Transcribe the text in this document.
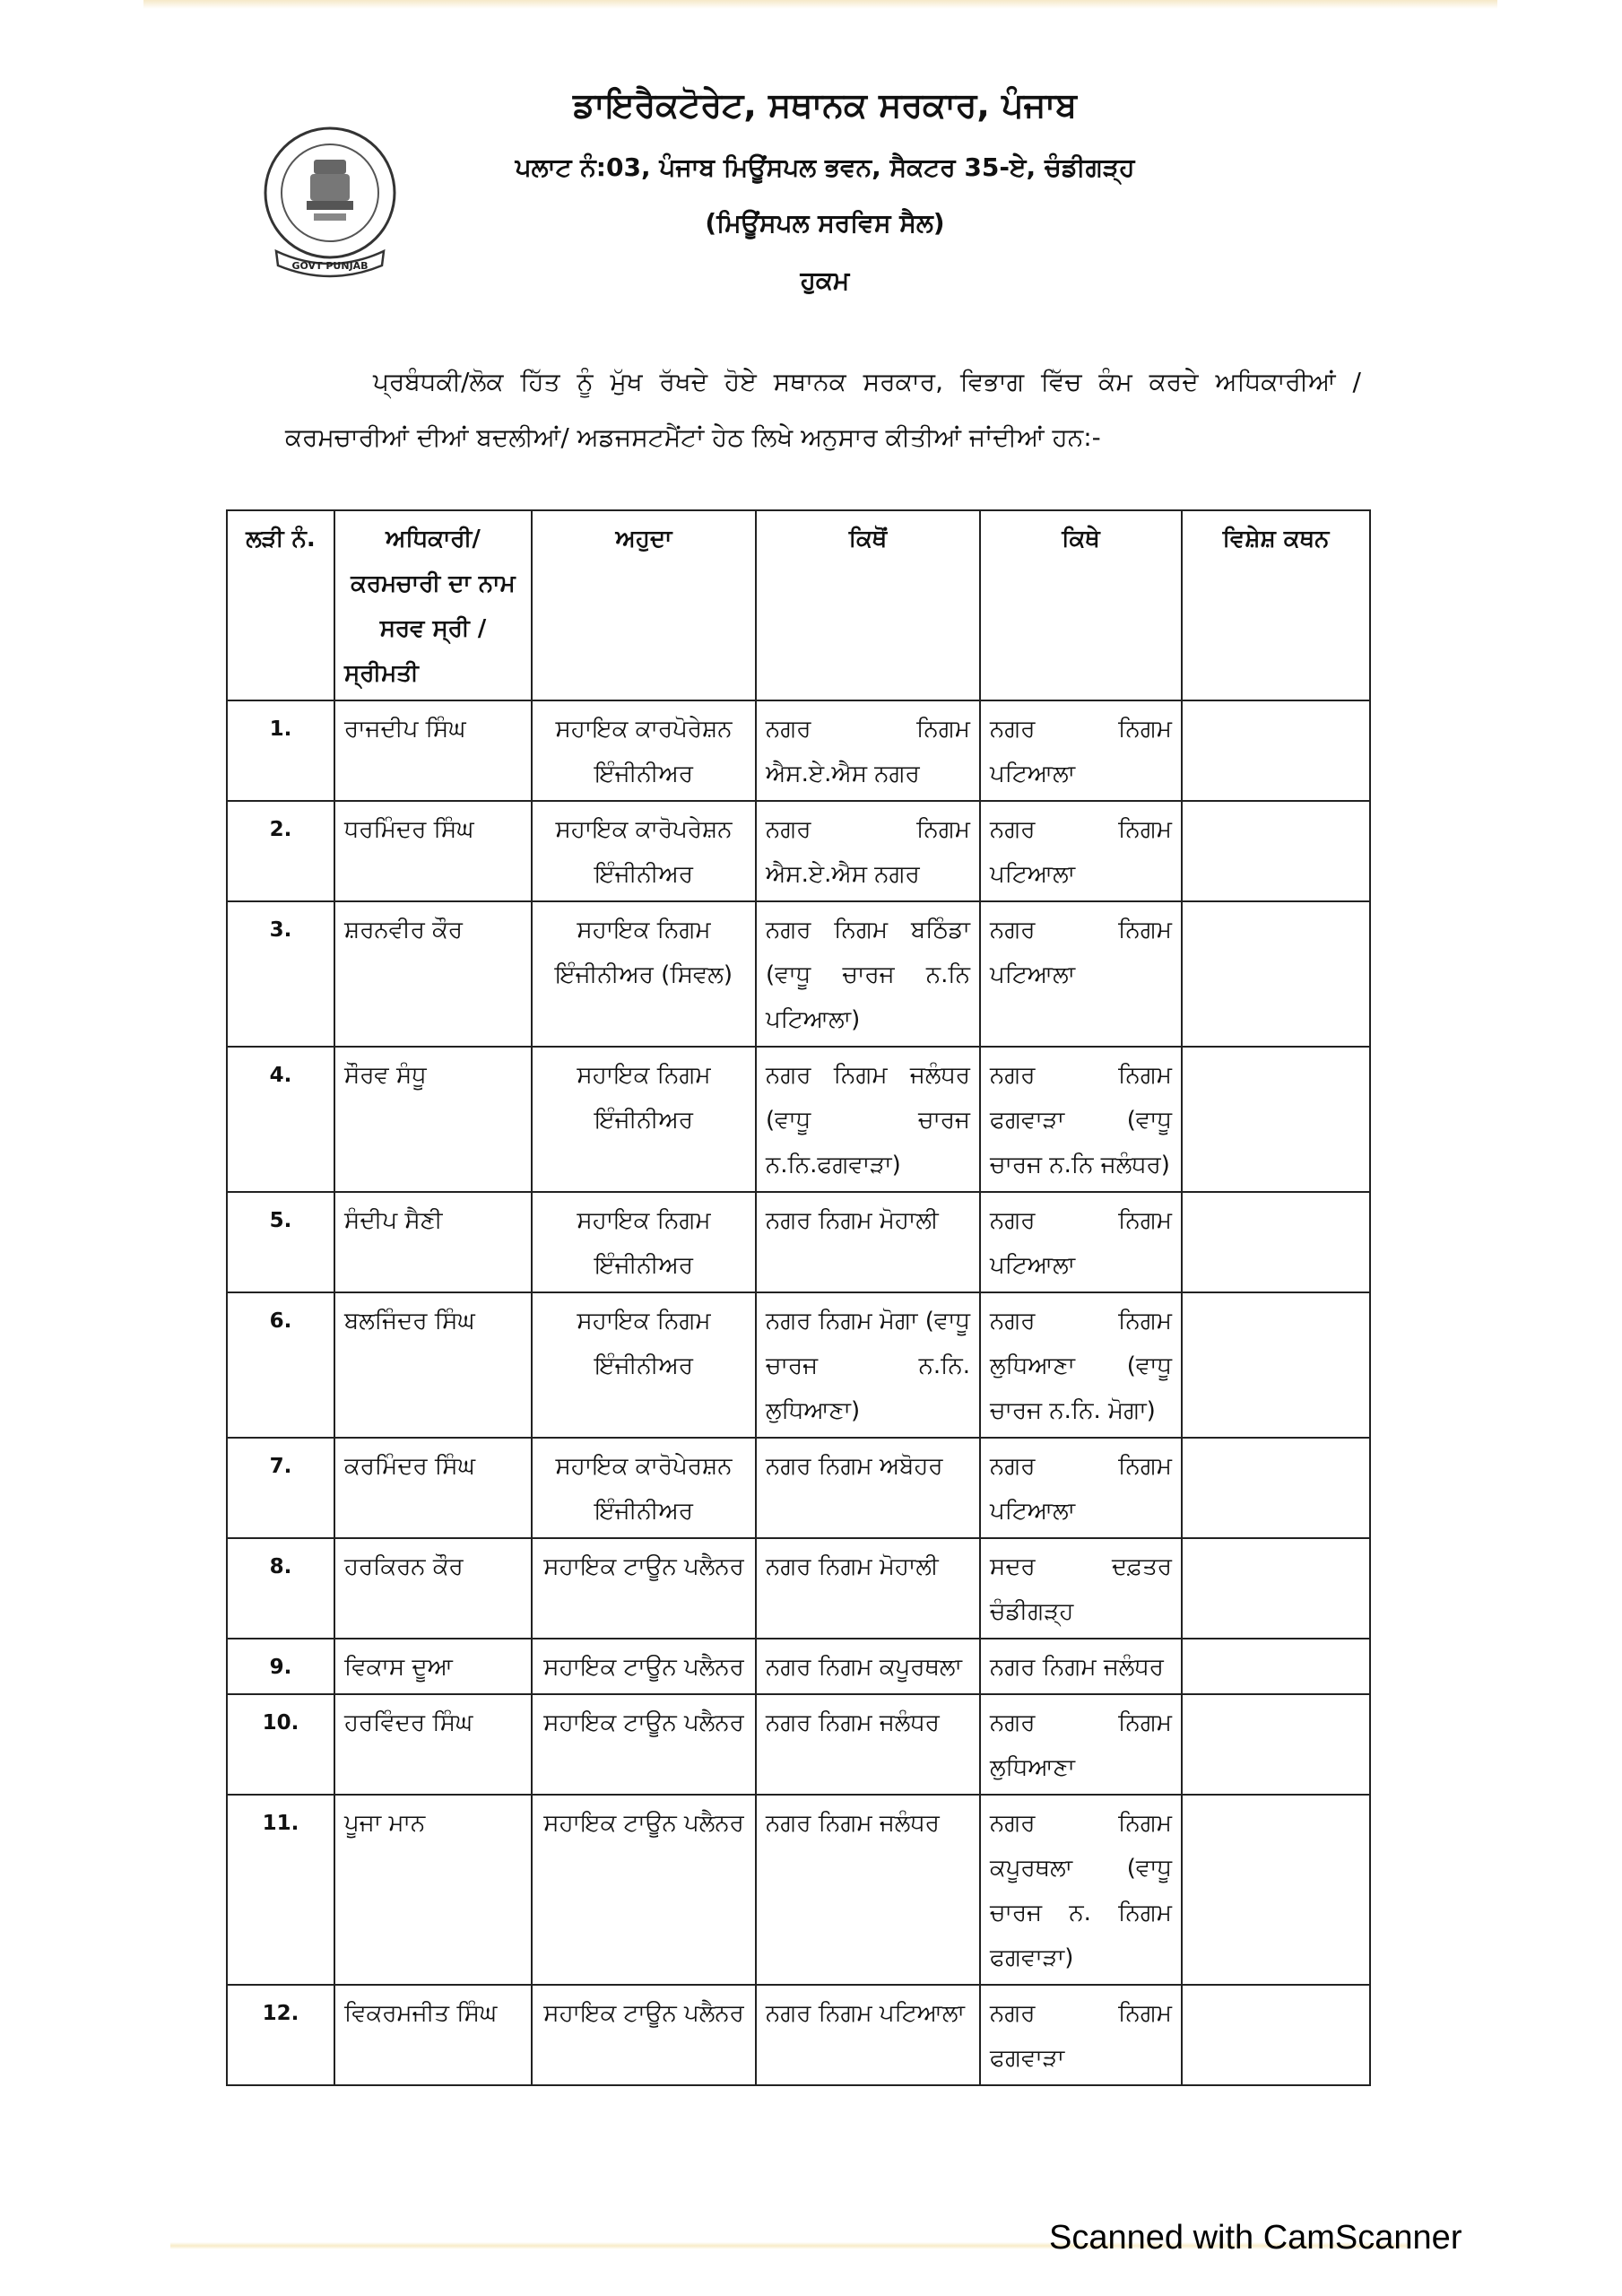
GOVT PUNJAB
ਡਾਇਰੈਕਟੋਰੇਟ, ਸਥਾਨਕ ਸਰਕਾਰ, ਪੰਜਾਬ
ਪਲਾਟ ਨੰ:03, ਪੰਜਾਬ ਮਿਊਂਸਪਲ ਭਵਨ, ਸੈਕਟਰ 35-ਏ, ਚੰਡੀਗੜ੍ਹ
(ਮਿਊਂਸਪਲ ਸਰਵਿਸ ਸੈਲ)
ਹੁਕਮ
ਪ੍ਰਬੰਧਕੀ/ਲੋਕ ਹਿੱਤ ਨੂੰ ਮੁੱਖ ਰੱਖਦੇ ਹੋਏ ਸਥਾਨਕ ਸਰਕਾਰ, ਵਿਭਾਗ ਵਿੱਚ ਕੰਮ ਕਰਦੇ ਅਧਿਕਾਰੀਆਂ / ਕਰਮਚਾਰੀਆਂ ਦੀਆਂ ਬਦਲੀਆਂ/ ਅਡਜਸਟਮੈਂਟਾਂ ਹੇਠ ਲਿਖੇ ਅਨੁਸਾਰ ਕੀਤੀਆਂ ਜਾਂਦੀਆਂ ਹਨ:-
ਲੜੀ ਨੰ.	ਅਧਿਕਾਰੀ/ ਕਰਮਚਾਰੀ ਦਾ ਨਾਮ ਸਰਵ ਸ੍ਰੀ /ਸ੍ਰੀਮਤੀ	ਅਹੁਦਾ	ਕਿਥੋਂ	ਕਿਥੇ	ਵਿਸ਼ੇਸ਼ ਕਥਨ
1.	ਰਾਜਦੀਪ ਸਿੰਘ	ਸਹਾਇਕ ਕਾਰਪੋਰੇਸ਼ਨ ਇੰਜੀਨੀਅਰ	ਨਗਰ ਨਿਗਮ ਐਸ.ਏ.ਐਸ ਨਗਰ	ਨਗਰ ਨਿਗਮ ਪਟਿਆਲਾ	
2.	ਧਰਮਿੰਦਰ ਸਿੰਘ	ਸਹਾਇਕ ਕਾਰੋਪਰੇਸ਼ਨ ਇੰਜੀਨੀਅਰ	ਨਗਰ ਨਿਗਮ ਐਸ.ਏ.ਐਸ ਨਗਰ	ਨਗਰ ਨਿਗਮ ਪਟਿਆਲਾ	
3.	ਸ਼ਰਨਵੀਰ ਕੌਰ	ਸਹਾਇਕ ਨਿਗਮ ਇੰਜੀਨੀਅਰ (ਸਿਵਲ)	ਨਗਰ ਨਿਗਮ ਬਠਿੰਡਾ (ਵਾਧੂ ਚਾਰਜ ਨ.ਨਿ ਪਟਿਆਲਾ)	ਨਗਰ ਨਿਗਮ ਪਟਿਆਲਾ	
4.	ਸੌਰਵ ਸੰਧੂ	ਸਹਾਇਕ ਨਿਗਮ ਇੰਜੀਨੀਅਰ	ਨਗਰ ਨਿਗਮ ਜਲੰਧਰ (ਵਾਧੂ ਚਾਰਜ ਨ.ਨਿ.ਫਗਵਾੜਾ)	ਨਗਰ ਨਿਗਮ ਫਗਵਾੜਾ (ਵਾਧੂ ਚਾਰਜ ਨ.ਨਿ ਜਲੰਧਰ)	
5.	ਸੰਦੀਪ ਸੈਣੀ	ਸਹਾਇਕ ਨਿਗਮ ਇੰਜੀਨੀਅਰ	ਨਗਰ ਨਿਗਮ ਮੋਹਾਲੀ	ਨਗਰ ਨਿਗਮ ਪਟਿਆਲਾ	
6.	ਬਲਜਿੰਦਰ ਸਿੰਘ	ਸਹਾਇਕ ਨਿਗਮ ਇੰਜੀਨੀਅਰ	ਨਗਰ ਨਿਗਮ ਮੋਗਾ (ਵਾਧੂ ਚਾਰਜ ਨ.ਨਿ. ਲੁਧਿਆਣਾ)	ਨਗਰ ਨਿਗਮ ਲੁਧਿਆਣਾ (ਵਾਧੂ ਚਾਰਜ ਨ.ਨਿ. ਮੋਗਾ)	
7.	ਕਰਮਿੰਦਰ ਸਿੰਘ	ਸਹਾਇਕ ਕਾਰੋਪੇਰਸ਼ਨ ਇੰਜੀਨੀਅਰ	ਨਗਰ ਨਿਗਮ ਅਬੋਹਰ	ਨਗਰ ਨਿਗਮ ਪਟਿਆਲਾ	
8.	ਹਰਕਿਰਨ ਕੌਰ	ਸਹਾਇਕ ਟਾਊਨ ਪਲੈਨਰ	ਨਗਰ ਨਿਗਮ ਮੋਹਾਲੀ	ਸਦਰ ਦਫ਼ਤਰ ਚੰਡੀਗੜ੍ਹ	
9.	ਵਿਕਾਸ ਦੂਆ	ਸਹਾਇਕ ਟਾਊਨ ਪਲੈਨਰ	ਨਗਰ ਨਿਗਮ ਕਪੂਰਥਲਾ	ਨਗਰ ਨਿਗਮ ਜਲੰਧਰ	
10.	ਹਰਵਿੰਦਰ ਸਿੰਘ	ਸਹਾਇਕ ਟਾਊਨ ਪਲੈਨਰ	ਨਗਰ ਨਿਗਮ ਜਲੰਧਰ	ਨਗਰ ਨਿਗਮ ਲੁਧਿਆਣਾ	
11.	ਪੂਜਾ ਮਾਨ	ਸਹਾਇਕ ਟਾਊਨ ਪਲੈਨਰ	ਨਗਰ ਨਿਗਮ ਜਲੰਧਰ	ਨਗਰ ਨਿਗਮ ਕਪੂਰਥਲਾ (ਵਾਧੂ ਚਾਰਜ ਨ. ਨਿਗਮ ਫਗਵਾੜਾ)	
12.	ਵਿਕਰਮਜੀਤ ਸਿੰਘ	ਸਹਾਇਕ ਟਾਊਨ ਪਲੈਨਰ	ਨਗਰ ਨਿਗਮ ਪਟਿਆਲਾ	ਨਗਰ ਨਿਗਮ ਫਗਵਾੜਾ	
Scanned with CamScanner
